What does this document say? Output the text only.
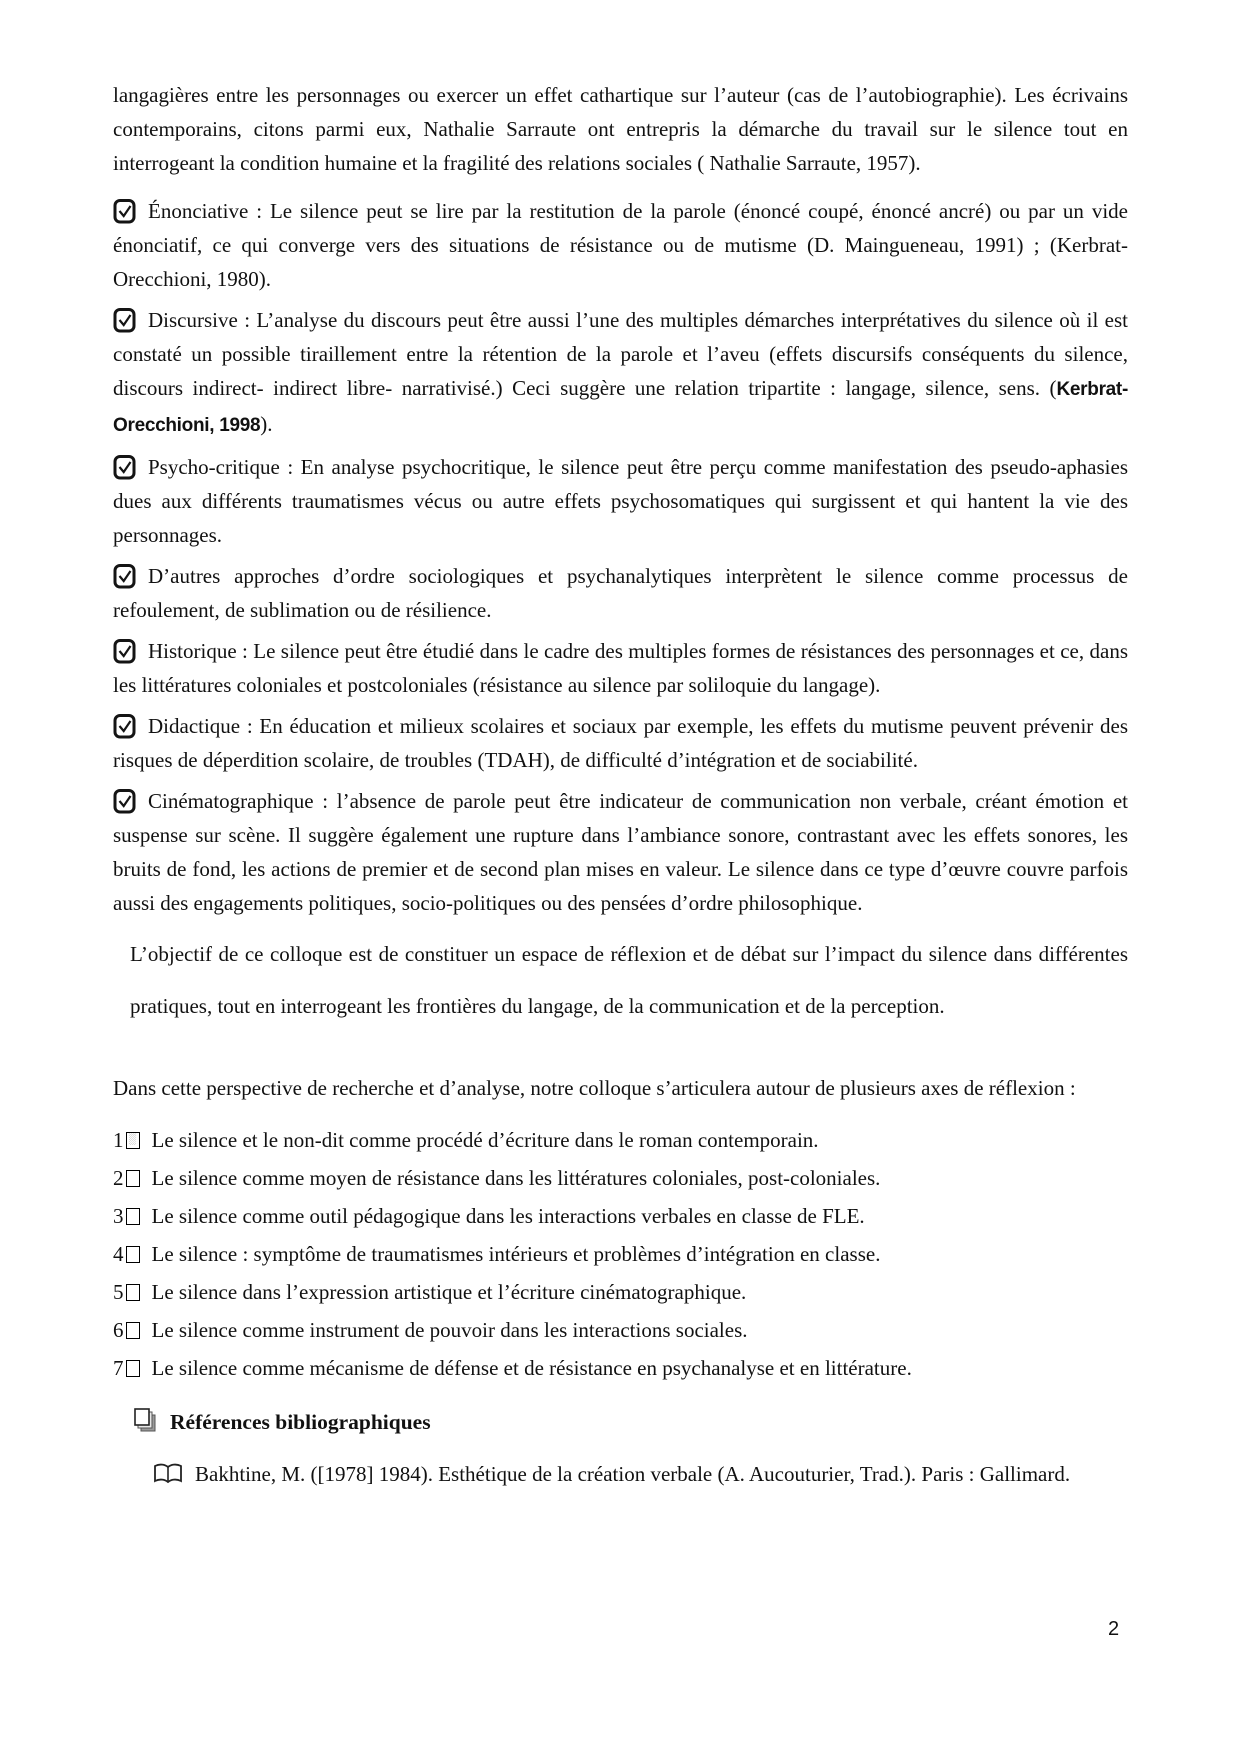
langagières entre les personnages ou exercer un effet cathartique sur l’auteur (cas de l’autobiographie). Les écrivains contemporains, citons parmi eux, Nathalie Sarraute ont entrepris la démarche du travail sur le silence tout en interrogeant la condition humaine et la fragilité des relations sociales ( Nathalie Sarraute, 1957).

Énonciative : Le silence peut se lire par la restitution de la parole (énoncé coupé, énoncé ancré) ou par un vide énonciatif, ce qui converge vers des situations de résistance ou de mutisme (D. Maingueneau, 1991) ; (Kerbrat-Orecchioni, 1980).

Discursive : L’analyse du discours peut être aussi l’une des multiples démarches interprétatives du silence où il est constaté un possible tiraillement entre la rétention de la parole et l’aveu (effets discursifs conséquents du silence, discours indirect- indirect libre- narrativisé.) Ceci suggère une relation tripartite : langage, silence, sens. (Kerbrat-Orecchioni, 1998).

Psycho-critique : En analyse psychocritique, le silence peut être perçu comme manifestation des pseudo-aphasies dues aux différents traumatismes vécus ou autre effets psychosomatiques qui surgissent et qui hantent la vie des personnages.

D’autres approches d’ordre sociologiques et psychanalytiques interprètent le silence comme processus de refoulement, de sublimation ou de résilience.

Historique : Le silence peut être étudié dans le cadre des multiples formes de résistances des personnages et ce, dans les littératures coloniales et postcoloniales (résistance au silence par soliloquie du langage).

Didactique : En éducation et milieux scolaires et sociaux par exemple, les effets du mutisme peuvent prévenir des risques de déperdition scolaire, de troubles (TDAH), de difficulté d’intégration et de sociabilité.

Cinématographique : l’absence de parole peut être indicateur de communication non verbale, créant émotion et suspense sur scène. Il suggère également une rupture dans l’ambiance sonore, contrastant avec les effets sonores, les bruits de fond, les actions de premier et de second plan mises en valeur. Le silence dans ce type d’œuvre couvre parfois aussi des engagements politiques, socio-politiques ou des pensées d’ordre philosophique.

L’objectif de ce colloque est de constituer un espace de réflexion et de débat sur l’impact du silence dans différentes pratiques, tout en interrogeant les frontières du langage, de la communication et de la perception.

Dans cette perspective de recherche et d’analyse, notre colloque s’articulera autour de plusieurs axes de réflexion :

1 ░ Le silence et le non-dit comme procédé d’écriture dans le roman contemporain.
2 Le silence comme moyen de résistance dans les littératures coloniales, post-coloniales.
3 Le silence comme outil pédagogique dans les interactions verbales en classe de FLE.
4 Le silence : symptôme de traumatismes intérieurs et problèmes d’intégration en classe.
5 Le silence dans l’expression artistique et l’écriture cinématographique.
6 Le silence comme instrument de pouvoir dans les interactions sociales.
7 Le silence comme mécanisme de défense et de résistance en psychanalyse et en littérature.

Références bibliographiques

Bakhtine, M. ([1978] 1984). Esthétique de la création verbale (A. Aucouturier, Trad.). Paris : Gallimard.

2
